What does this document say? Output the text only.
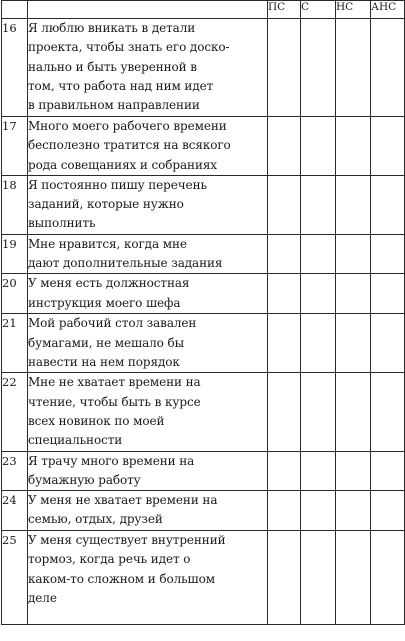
		ПС	С	НС	АНС
16	Я люблю вникать в детали
проекта, чтобы знать его доско-
нально и быть уверенной в
том, что работа над ним идет
в правильном направлении				

17	Много моего рабочего времени
бесполезно тратится на всякого
рода совещаниях и собраниях				

18	Я постоянно пишу перечень
заданий, которые нужно
выполнить				

19	Мне нравится, когда мне
дают дополнительные задания				

20	У меня есть должностная
инструкция моего шефа				

21	Мой рабочий стол завален
бумагами, не мешало бы
навести на нем порядок				

22	Мне не хватает времени на
чтение, чтобы быть в курсе
всех новинок по моей
специальности				

23	Я трачу много времени на
бумажную работу				

24	У меня не хватает времени на
семью, отдых, друзей				

25	У меня существует внутренний
тормоз, когда речь идет о
каком-то сложном и большом
деле				
